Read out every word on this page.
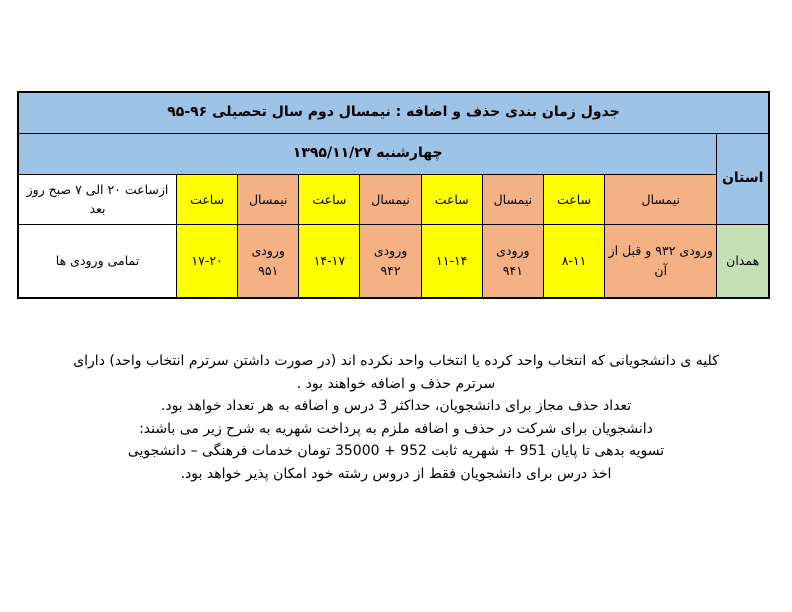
جدول زمان بندی حذف و اضافه : نیمسال دوم سال تحصیلی ۹۶-۹۵									
استان	چهارشنبه ۱۳۹۵/۱۱/۲۷								
	نیمسال	ساعت	نیمسال	ساعت	نیمسال	ساعت	نیمسال	ساعت	ازساعت ۲۰ الی ۷ صبح روز بعد
همدان	ورودی ۹۳۲ و قبل از آن	۸-۱۱	ورودی ۹۴۱	۱۱-۱۴	ورودی ۹۴۲	۱۴-۱۷	ورودی ۹۵۱	۱۷-۲۰	تمامی ورودی ها

کلیه ی دانشجویانی که انتخاب واحد کرده یا انتخاب واحد نکرده اند (در صورت داشتن سرترم انتخاب واحد) دارای

سرترم حذف و اضافه خواهند بود .

تعداد حذف مجاز برای دانشجویان، حداکثر 3 درس و اضافه به هر تعداد خواهد بود.

دانشجویان برای شرکت در حذف و اضافه ملزم به پرداخت شهریه به شرح زیر می باشند:

تسویه بدهی تا پایان 951 + شهریه ثابت 952 + 35000 تومان خدمات فرهنگی – دانشجویی

اخذ درس برای دانشجویان فقط از دروس رشته خود امکان پذیر خواهد بود.
